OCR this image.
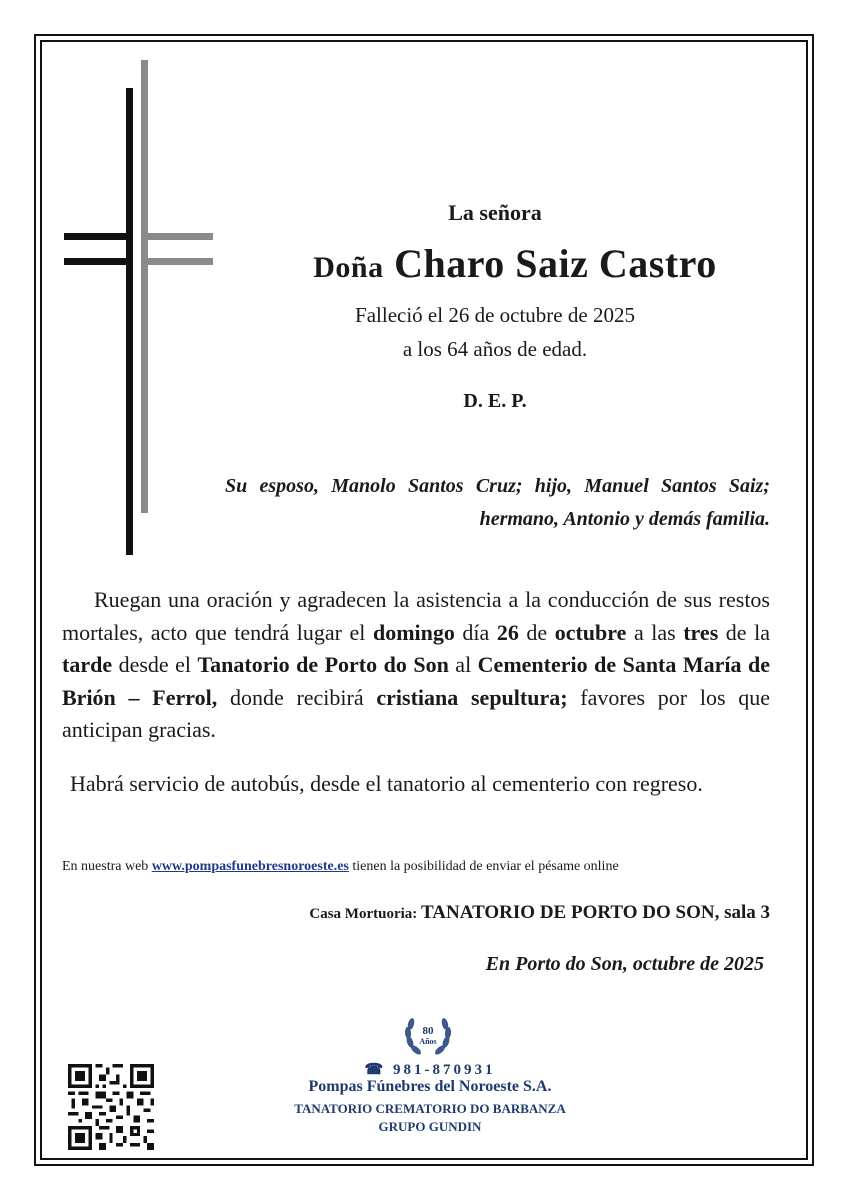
La señora
Doña Charo Saiz Castro
Falleció el 26 de octubre de 2025
a los 64 años de edad.
D. E. P.
Su esposo, Manolo Santos Cruz; hijo, Manuel Santos Saiz; hermano, Antonio y demás familia.
Ruegan una oración y agradecen la asistencia a la conducción de sus restos mortales, acto que tendrá lugar el domingo día 26 de octubre a las tres de la tarde desde el Tanatorio de Porto do Son al Cementerio de Santa María de Brión – Ferrol, donde recibirá cristiana sepultura; favores por los que anticipan gracias.
Habrá servicio de autobús, desde el tanatorio al cementerio con regreso.
En nuestra web www.pompasfunebresnoroeste.es tienen la posibilidad de enviar el pésame online
Casa Mortuoria: TANATORIO DE PORTO DO SON, sala 3
En Porto do Son, octubre de 2025
80
Años
☎ 981-870931
Pompas Fúnebres del Noroeste S.A.
TANATORIO CREMATORIO DO BARBANZA
GRUPO GUNDIN
